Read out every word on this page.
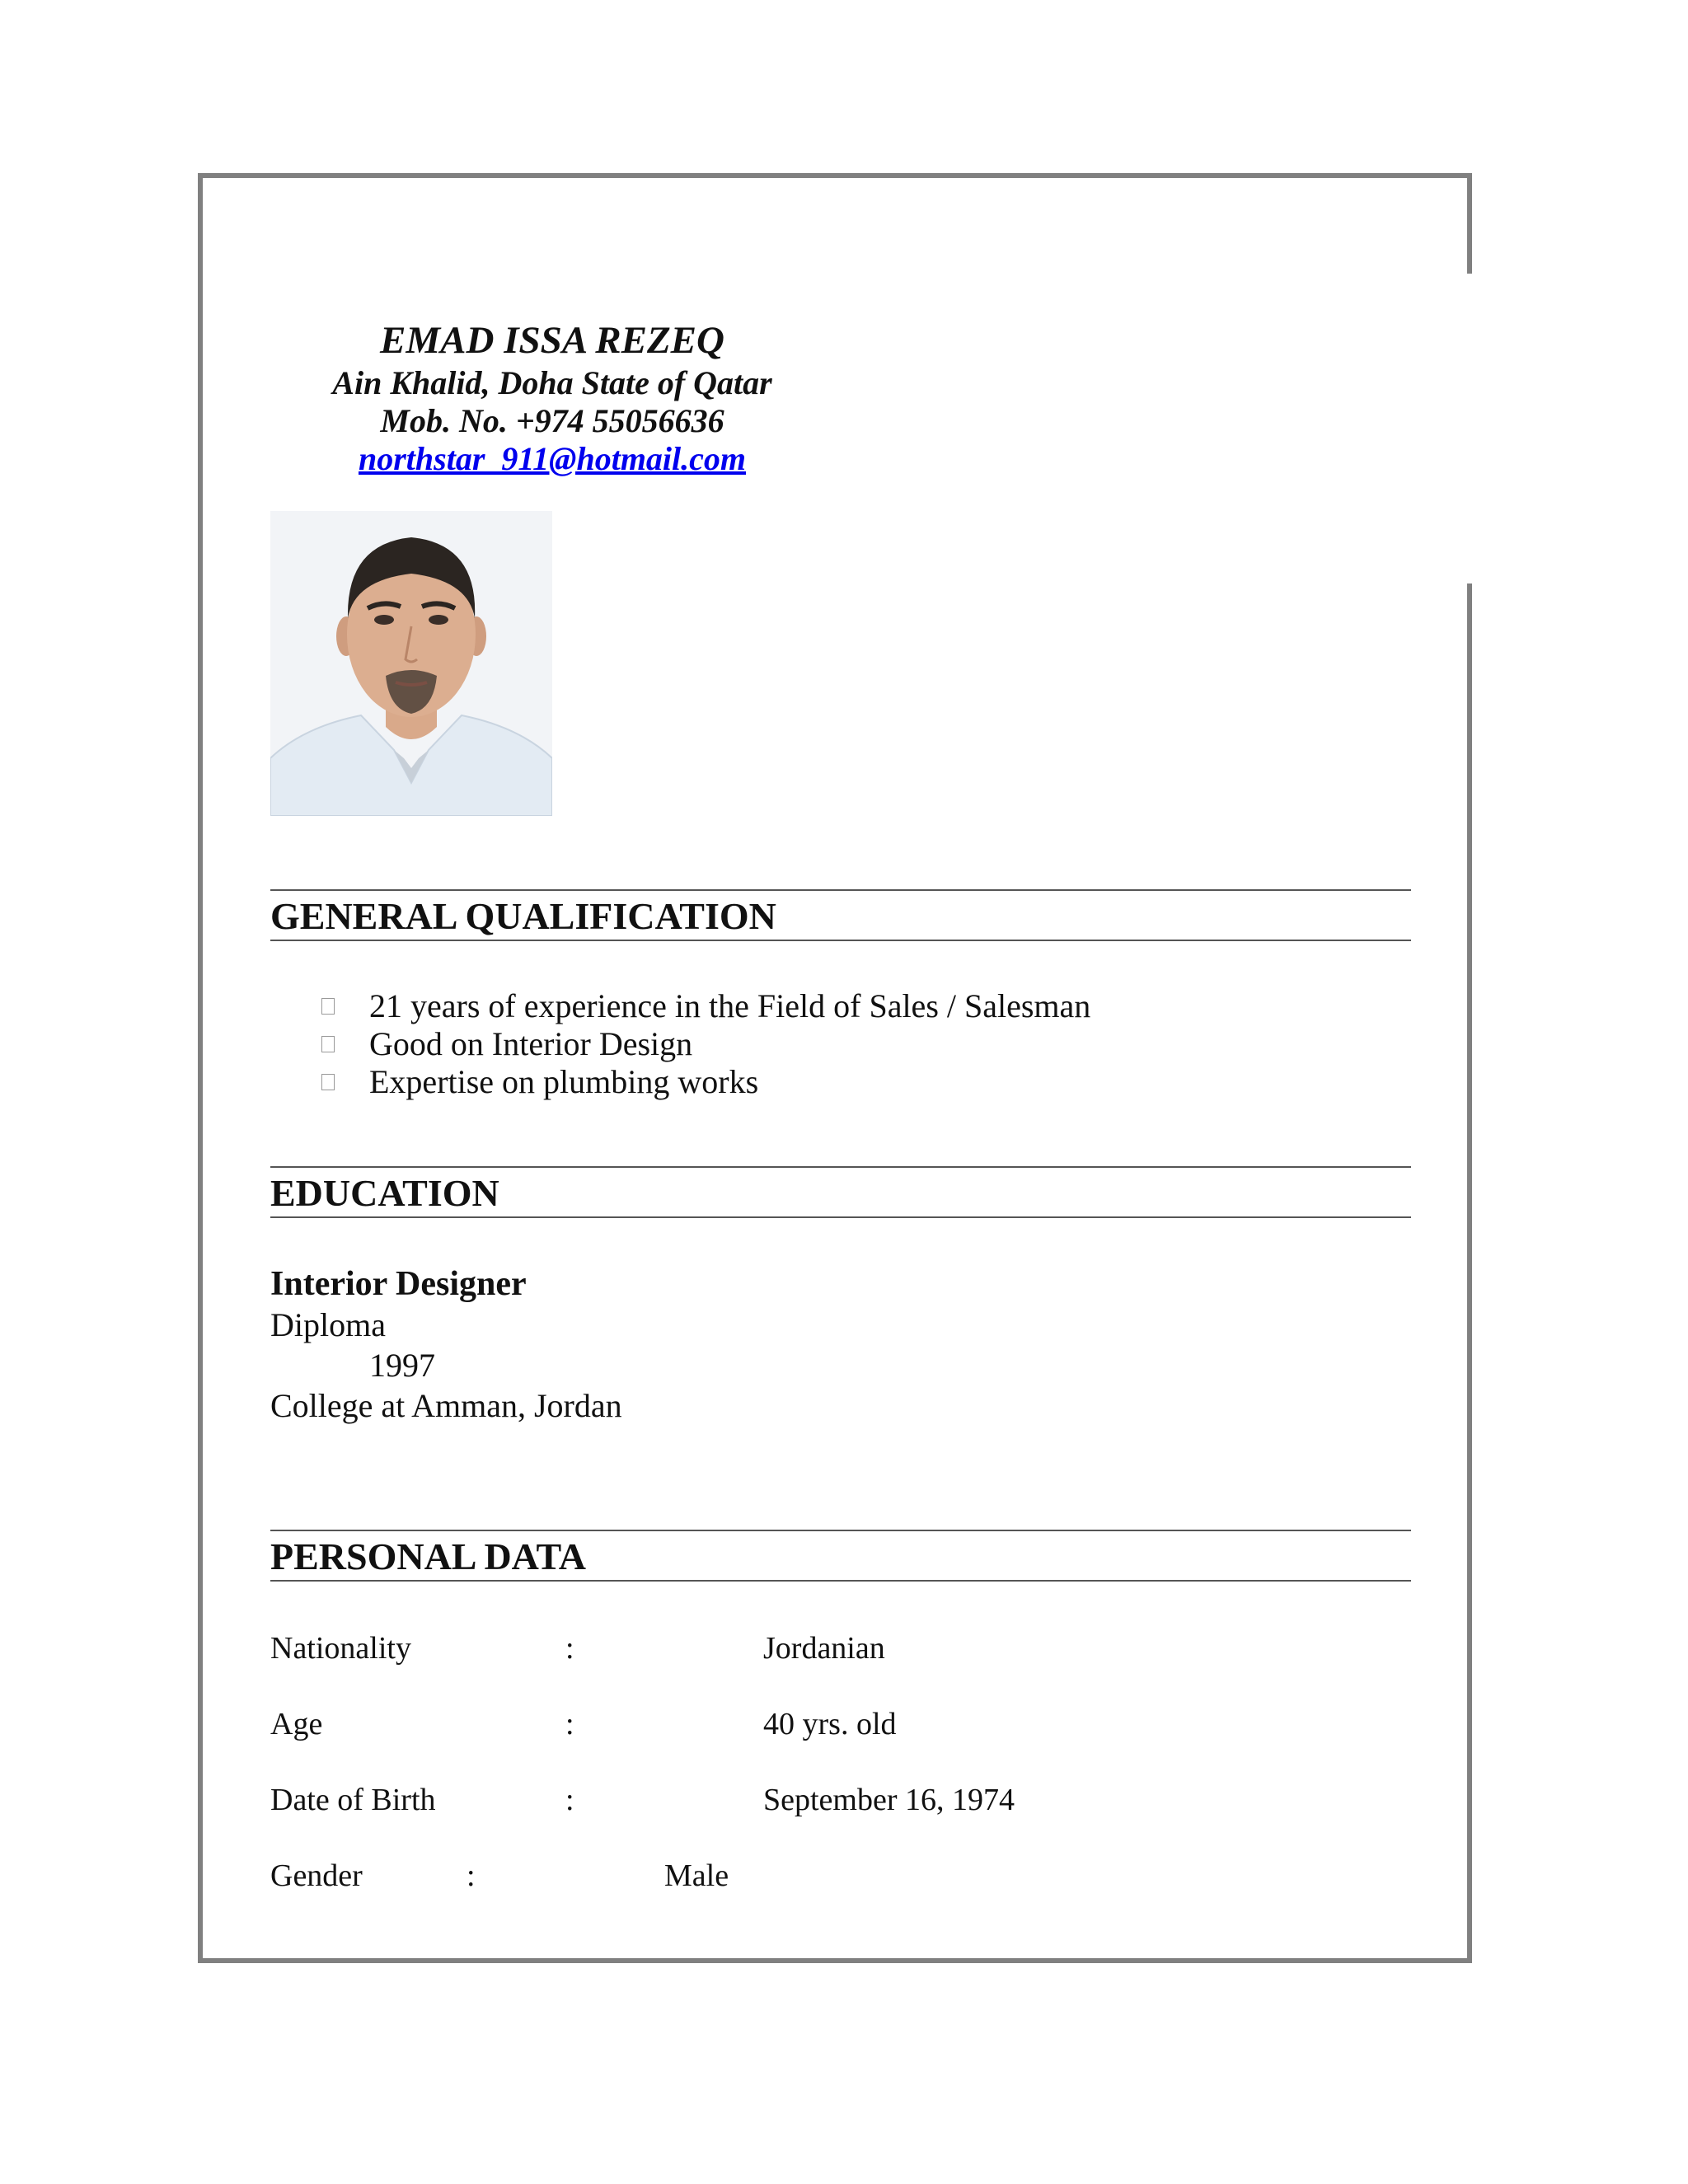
EMAD ISSA REZEQ
Ain Khalid, Doha State of Qatar
Mob. No. +974 55056636
northstar_911@hotmail.com
GENERAL QUALIFICATION
21 years of experience in the Field of Sales / Salesman
Good on Interior Design
Expertise on plumbing works
EDUCATION
Interior Designer
Diploma
1997
College at Amman, Jordan
PERSONAL DATA
Nationality	:	Jordanian
Age	:	40 yrs. old
Date of Birth	:	September 16, 1974
Gender	:	Male
